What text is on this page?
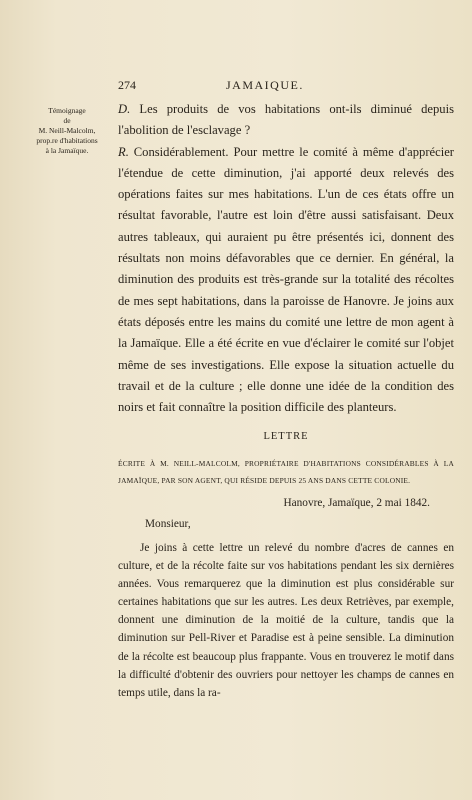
274	JAMAIQUE.
Témoignage
de
M. Neill-Malcolm,
prop.re d'habitations
à la Jamaïque.

D. Les produits de vos habitations ont-ils diminué depuis l'abolition de l'esclavage ?

R. Considérablement. Pour mettre le comité à même d'apprécier l'étendue de cette diminution, j'ai apporté deux relevés des opérations faites sur mes habitations. L'un de ces états offre un résultat favorable, l'autre est loin d'être aussi satisfaisant. Deux autres tableaux, qui auraient pu être présentés ici, donnent des résultats non moins défavorables que ce dernier. En général, la diminution des produits est très-grande sur la totalité des récoltes de mes sept habitations, dans la paroisse de Hanovre. Je joins aux états déposés entre les mains du comité une lettre de mon agent à la Jamaïque. Elle a été écrite en vue d'éclairer le comité sur l'objet même de ses investigations. Elle expose la situation actuelle du travail et de la culture ; elle donne une idée de la condition des noirs et fait connaître la position difficile des planteurs.

LETTRE
ÉCRITE À M. NEILL-MALCOLM, PROPRIÉTAIRE D'HABITATIONS CONSIDÉRABLES À LA JAMAÏQUE, PAR SON AGENT, QUI RÉSIDE DEPUIS 25 ANS DANS CETTE COLONIE.
Hanovre, Jamaïque, 2 mai 1842.
Monsieur,

Je joins à cette lettre un relevé du nombre d'acres de cannes en culture, et de la récolte faite sur vos habitations pendant les six dernières années. Vous remarquerez que la diminution est plus considérable sur certaines habitations que sur les autres. Les deux Retrièves, par exemple, donnent une diminution de la moitié de la culture, tandis que la diminution sur Pell-River et Paradise est à peine sensible. La diminution de la récolte est beaucoup plus frappante. Vous en trouverez le motif dans la difficulté d'obtenir des ouvriers pour nettoyer les champs de cannes en temps utile, dans la ra-
